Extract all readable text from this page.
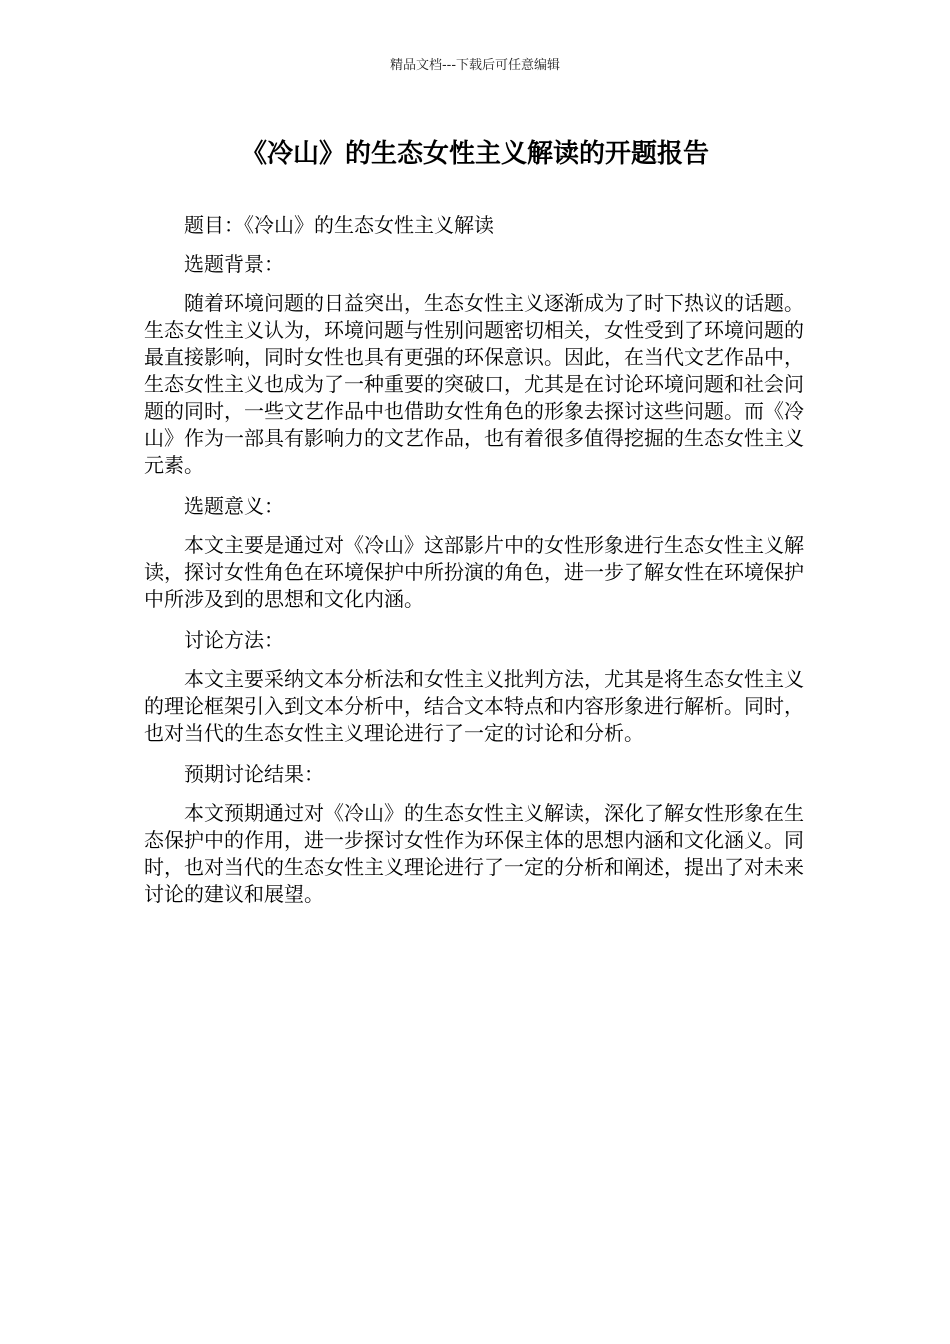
精品文档---下载后可任意编辑
《冷山》的生态女性主义解读的开题报告

题目：《冷山》的生态女性主义解读

选题背景：

随着环境问题的日益突出，生态女性主义逐渐成为了时下热议的话题。生态女性主义认为，环境问题与性别问题密切相关，女性受到了环境问题的最直接影响，同时女性也具有更强的环保意识。因此，在当代文艺作品中，生态女性主义也成为了一种重要的突破口，尤其是在讨论环境问题和社会问题的同时，一些文艺作品中也借助女性角色的形象去探讨这些问题。而《冷山》作为一部具有影响力的文艺作品，也有着很多值得挖掘的生态女性主义元素。

选题意义：

本文主要是通过对《冷山》这部影片中的女性形象进行生态女性主义解读，探讨女性角色在环境保护中所扮演的角色，进一步了解女性在环境保护中所涉及到的思想和文化内涵。

讨论方法：

本文主要采纳文本分析法和女性主义批判方法，尤其是将生态女性主义的理论框架引入到文本分析中，结合文本特点和内容形象进行解析。同时，也对当代的生态女性主义理论进行了一定的讨论和分析。

预期讨论结果：

本文预期通过对《冷山》的生态女性主义解读，深化了解女性形象在生态保护中的作用，进一步探讨女性作为环保主体的思想内涵和文化涵义。同时，也对当代的生态女性主义理论进行了一定的分析和阐述，提出了对未来讨论的建议和展望。
